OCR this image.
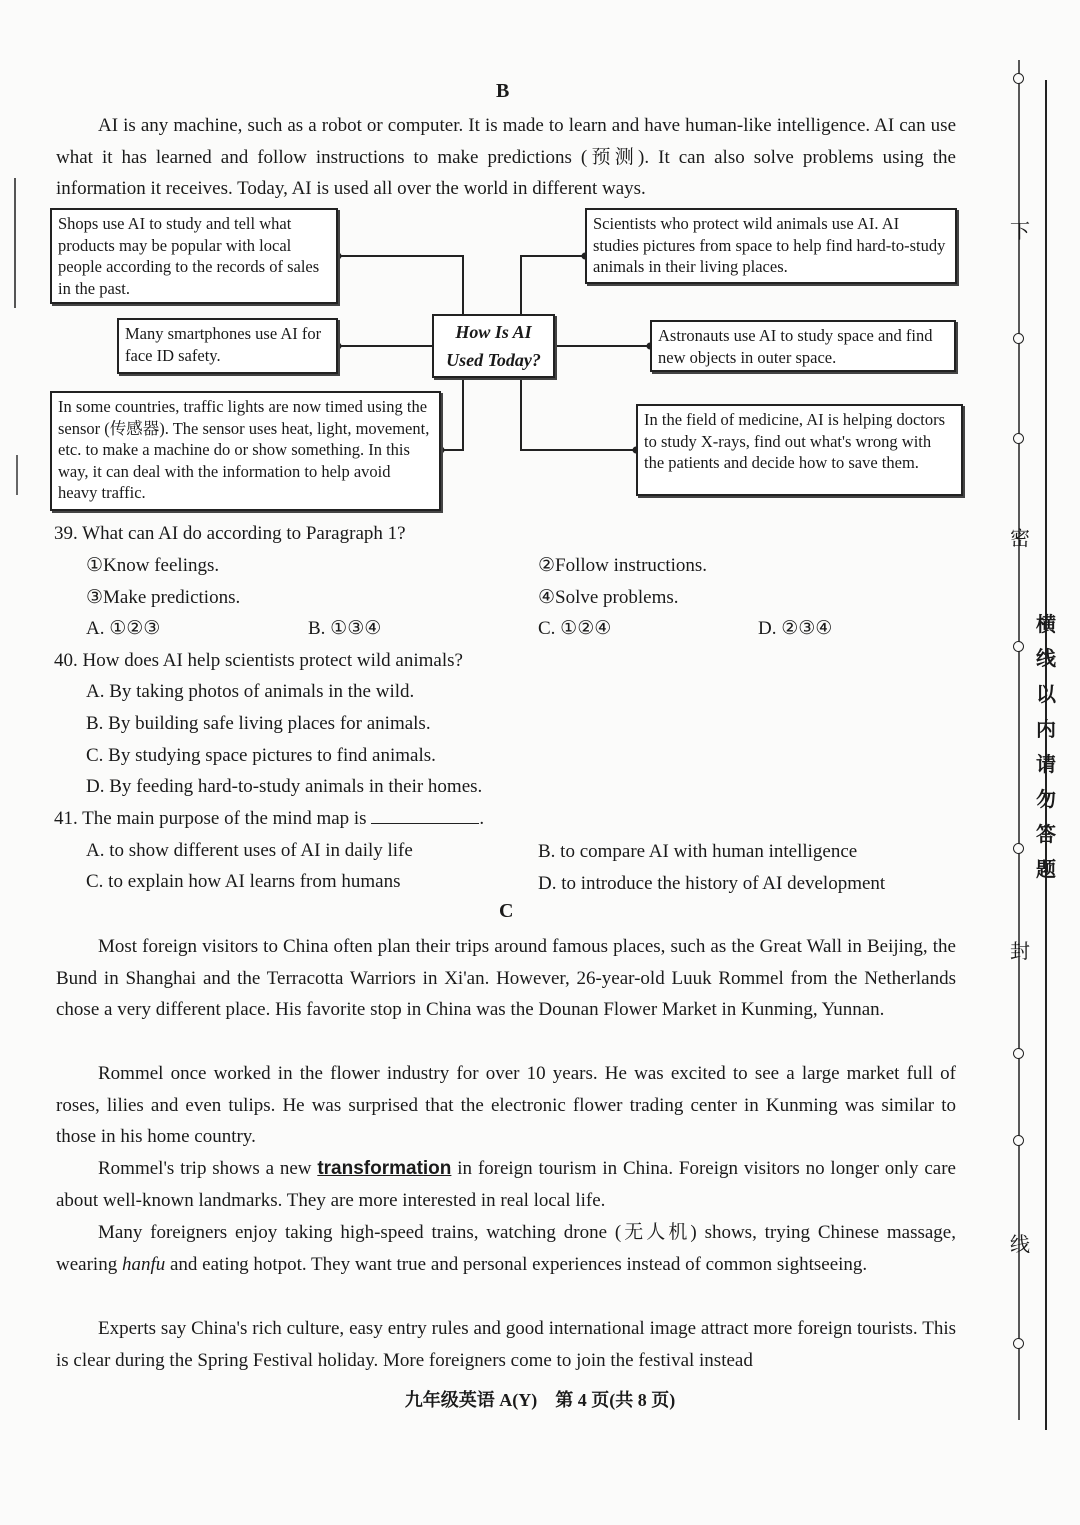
B
AI is any machine, such as a robot or computer. It is made to learn and have human-like intelligence. AI can use what it has learned and follow instructions to make predictions (预测). It can also solve problems using the information it receives. Today, AI is used all over the world in different ways.
Shops use AI to study and tell what products may be popular with local people according to the records of sales in the past.
Many smartphones use AI for face ID safety.
In some countries, traffic lights are now timed using the sensor (传感器). The sensor uses heat, light, movement, etc. to make a machine do or show something. In this way, it can deal with the information to help avoid heavy traffic.
How Is AI
Used Today?
Scientists who protect wild animals use AI. AI studies pictures from space to help find hard-to-study animals in their living places.
Astronauts use AI to study space and find new objects in outer space.
In the field of medicine, AI is helping doctors to study X-rays, find out what's wrong with the patients and decide how to save them.
39. What can AI do according to Paragraph 1?
①Know feelings.	②Follow instructions.
③Make predictions.	④Solve problems.
A. ①②③	B. ①③④	C. ①②④	D. ②③④
40. How does AI help scientists protect wild animals?
A. By taking photos of animals in the wild.
B. By building safe living places for animals.
C. By studying space pictures to find animals.
D. By feeding hard-to-study animals in their homes.
41. The main purpose of the mind map is	.
A. to show different uses of AI in daily life	B. to compare AI with human intelligence
C. to explain how AI learns from humans	D. to introduce the history of AI development
C
Most foreign visitors to China often plan their trips around famous places, such as the Great Wall in Beijing, the Bund in Shanghai and the Terracotta Warriors in Xi'an. However, 26-year-old Luuk Rommel from the Netherlands chose a very different place. His favorite stop in China was the Dounan Flower Market in Kunming, Yunnan.
Rommel once worked in the flower industry for over 10 years. He was excited to see a large market full of roses, lilies and even tulips. He was surprised that the electronic flower trading center in Kunming was similar to those in his home country.
Rommel's trip shows a new transformation in foreign tourism in China. Foreign visitors no longer only care about well-known landmarks. They are more interested in real local life.
Many foreigners enjoy taking high-speed trains, watching drone (无人机) shows, trying Chinese massage, wearing hanfu and eating hotpot. They want true and personal experiences instead of common sightseeing.
Experts say China's rich culture, easy entry rules and good international image attract more foreign tourists. This is clear during the Spring Festival holiday. More foreigners come to join the festival instead
九年级英语 A(Y)　第 4 页(共 8 页)
下
密
封
线
横
线
以
内
请
勿
答
题
